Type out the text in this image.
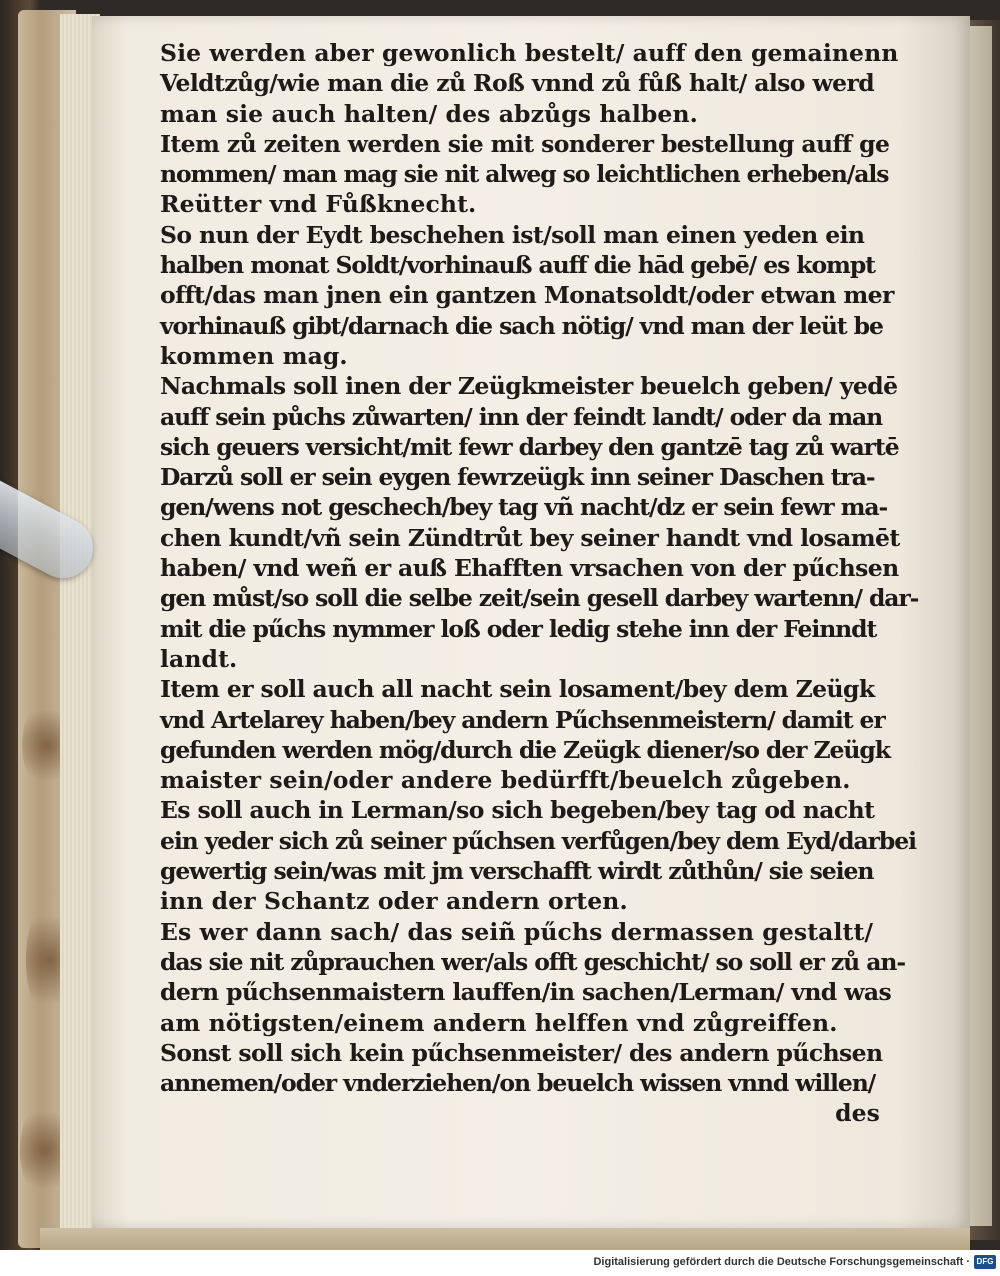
Sie werden aber gewonlich bestelt/ auff den gemainenn
Veldtzůg/wie man die zů Roß vnnd zů fůß halt/ also werd
man sie auch halten/ des abzůgs halben.
Item zů zeiten werden sie mit sonderer bestellung auff ge
nommen/ man mag sie nit alweg so leichtlichen erheben/als
Reütter vnd Fůßknecht.
So nun der Eydt beschehen ist/soll man einen yeden ein
halben monat Soldt/vorhinauß auff die hād gebē/ es kompt
offt/das man jnen ein gantzen Monatsoldt/oder etwan mer
vorhinauß gibt/darnach die sach nötig/ vnd man der leüt be
kommen mag.
Nachmals soll inen der Zeügkmeister beuelch geben/ yedē
auff sein půchs zůwarten/ inn der feindt landt/ oder da man
sich geuers versicht/mit fewr darbey den gantzē tag zů wartē
Darzů soll er sein eygen fewrzeügk inn seiner Daschen tra-
gen/wens not geschech/bey tag vñ nacht/dz er sein fewr ma-
chen kundt/vñ sein Zündtrůt bey seiner handt vnd losamēt
haben/ vnd weñ er auß Ehafften vrsachen von der pűchsen
gen můst/so soll die selbe zeit/sein gesell darbey wartenn/ dar-
mit die pűchs nymmer loß oder ledig stehe inn der Feinndt
landt.
Item er soll auch all nacht sein losament/bey dem Zeügk
vnd Artelarey haben/bey andern Pűchsenmeistern/ damit er
gefunden werden mög/durch die Zeügk diener/so der Zeügk
maister sein/oder andere bedürfft/beuelch zůgeben.
Es soll auch in Lerman/so sich begeben/bey tag od nacht
ein yeder sich zů seiner pűchsen verfůgen/bey dem Eyd/darbei
gewertig sein/was mit jm verschafft wirdt zůthůn/ sie seien
inn der Schantz oder andern orten.
Es wer dann sach/ das seiñ pűchs dermassen gestaltt/
das sie nit zůprauchen wer/als offt geschicht/ so soll er zů an-
dern pűchsenmaistern lauffen/in sachen/Lerman/ vnd was
am nötigsten/einem andern helffen vnd zůgreiffen.
Sonst soll sich kein pűchsenmeister/ des andern pűchsen
annemen/oder vnderziehen/on beuelch wissen vnnd willen/
des
Digitalisierung gefördert durch die Deutsche Forschungsgemeinschaft · DFG
